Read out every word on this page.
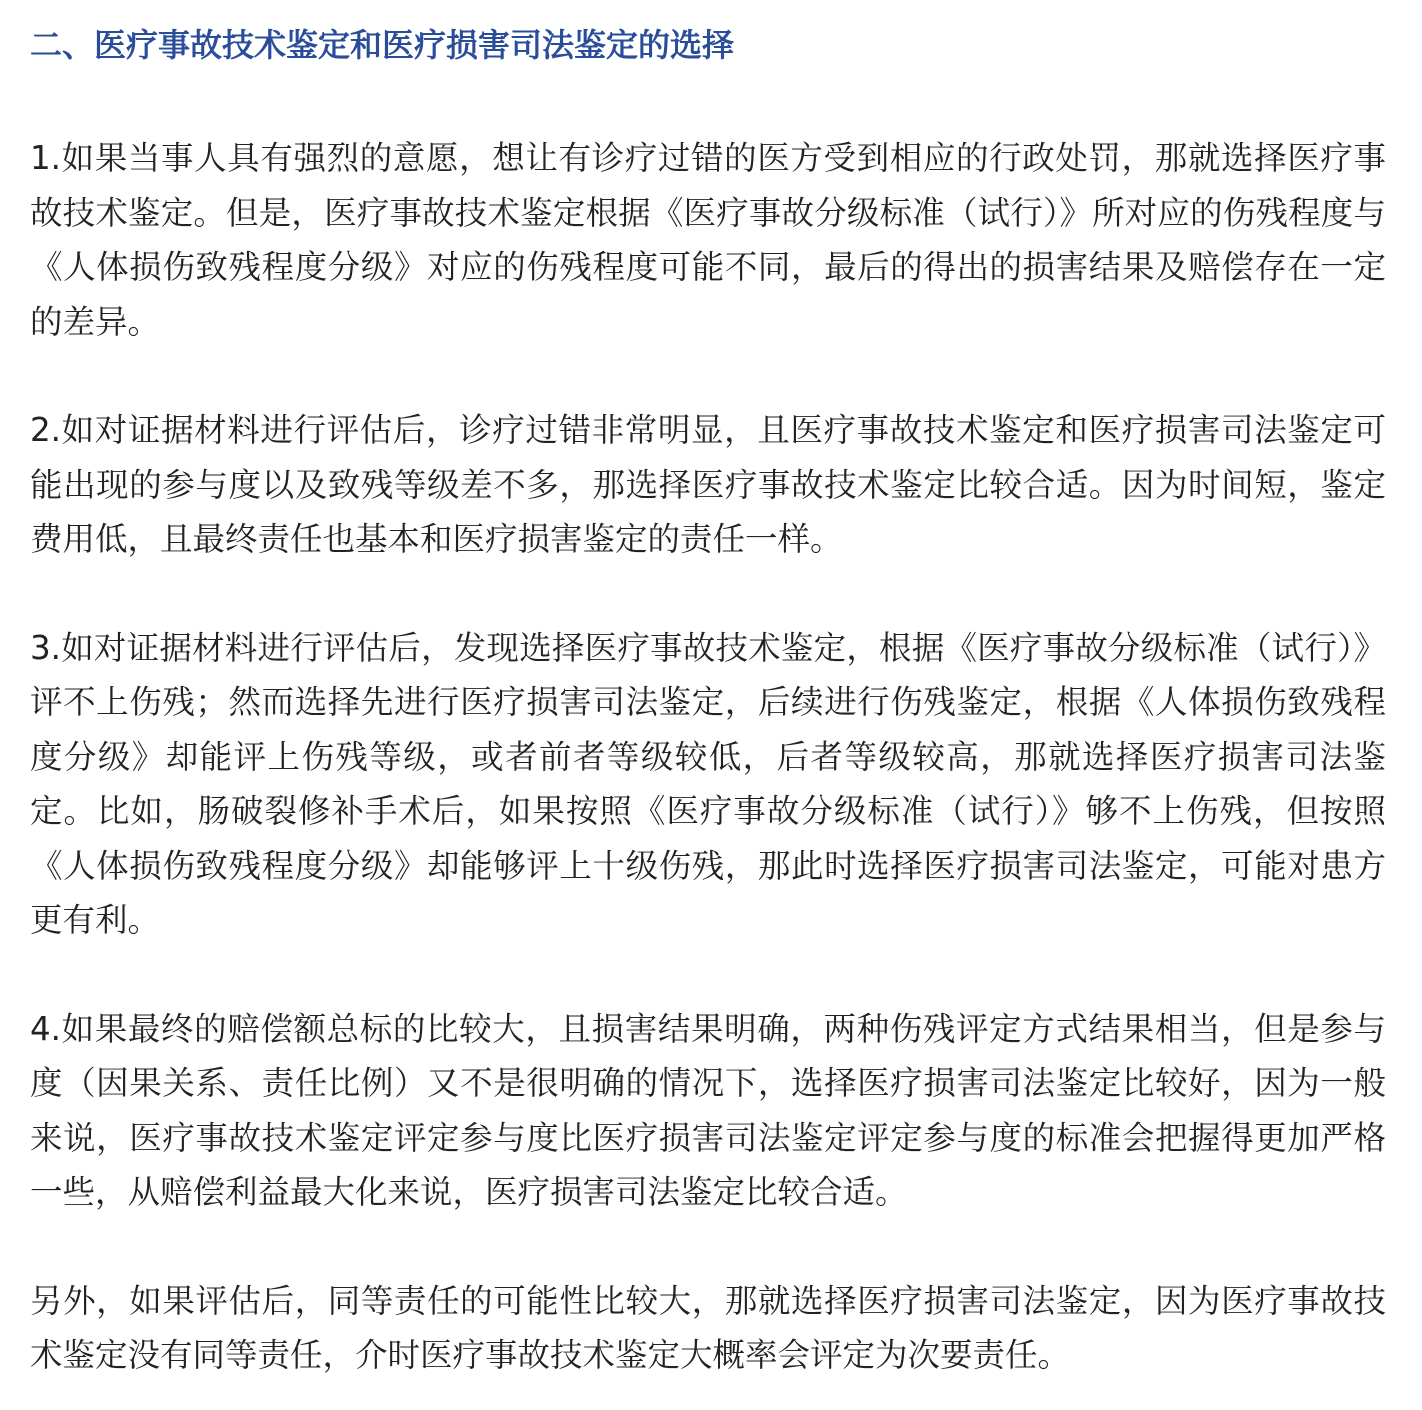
二、医疗事故技术鉴定和医疗损害司法鉴定的选择

1.如果当事人具有强烈的意愿，想让有诊疗过错的医方受到相应的行政处罚，那就选择医疗事故技术鉴定。但是，医疗事故技术鉴定根据《医疗事故分级标准（试行）》所对应的伤残程度与《人体损伤致残程度分级》对应的伤残程度可能不同，最后的得出的损害结果及赔偿存在一定的差异。

2.如对证据材料进行评估后，诊疗过错非常明显，且医疗事故技术鉴定和医疗损害司法鉴定可能出现的参与度以及致残等级差不多，那选择医疗事故技术鉴定比较合适。因为时间短，鉴定费用低，且最终责任也基本和医疗损害鉴定的责任一样。

3.如对证据材料进行评估后，发现选择医疗事故技术鉴定，根据《医疗事故分级标准（试行）》评不上伤残；然而选择先进行医疗损害司法鉴定，后续进行伤残鉴定，根据《人体损伤致残程度分级》却能评上伤残等级，或者前者等级较低，后者等级较高，那就选择医疗损害司法鉴定。比如，肠破裂修补手术后，如果按照《医疗事故分级标准（试行）》够不上伤残，但按照《人体损伤致残程度分级》却能够评上十级伤残，那此时选择医疗损害司法鉴定，可能对患方更有利。

4.如果最终的赔偿额总标的比较大，且损害结果明确，两种伤残评定方式结果相当，但是参与度（因果关系、责任比例）又不是很明确的情况下，选择医疗损害司法鉴定比较好，因为一般来说，医疗事故技术鉴定评定参与度比医疗损害司法鉴定评定参与度的标准会把握得更加严格一些，从赔偿利益最大化来说，医疗损害司法鉴定比较合适。

另外，如果评估后，同等责任的可能性比较大，那就选择医疗损害司法鉴定，因为医疗事故技术鉴定没有同等责任，介时医疗事故技术鉴定大概率会评定为次要责任。
